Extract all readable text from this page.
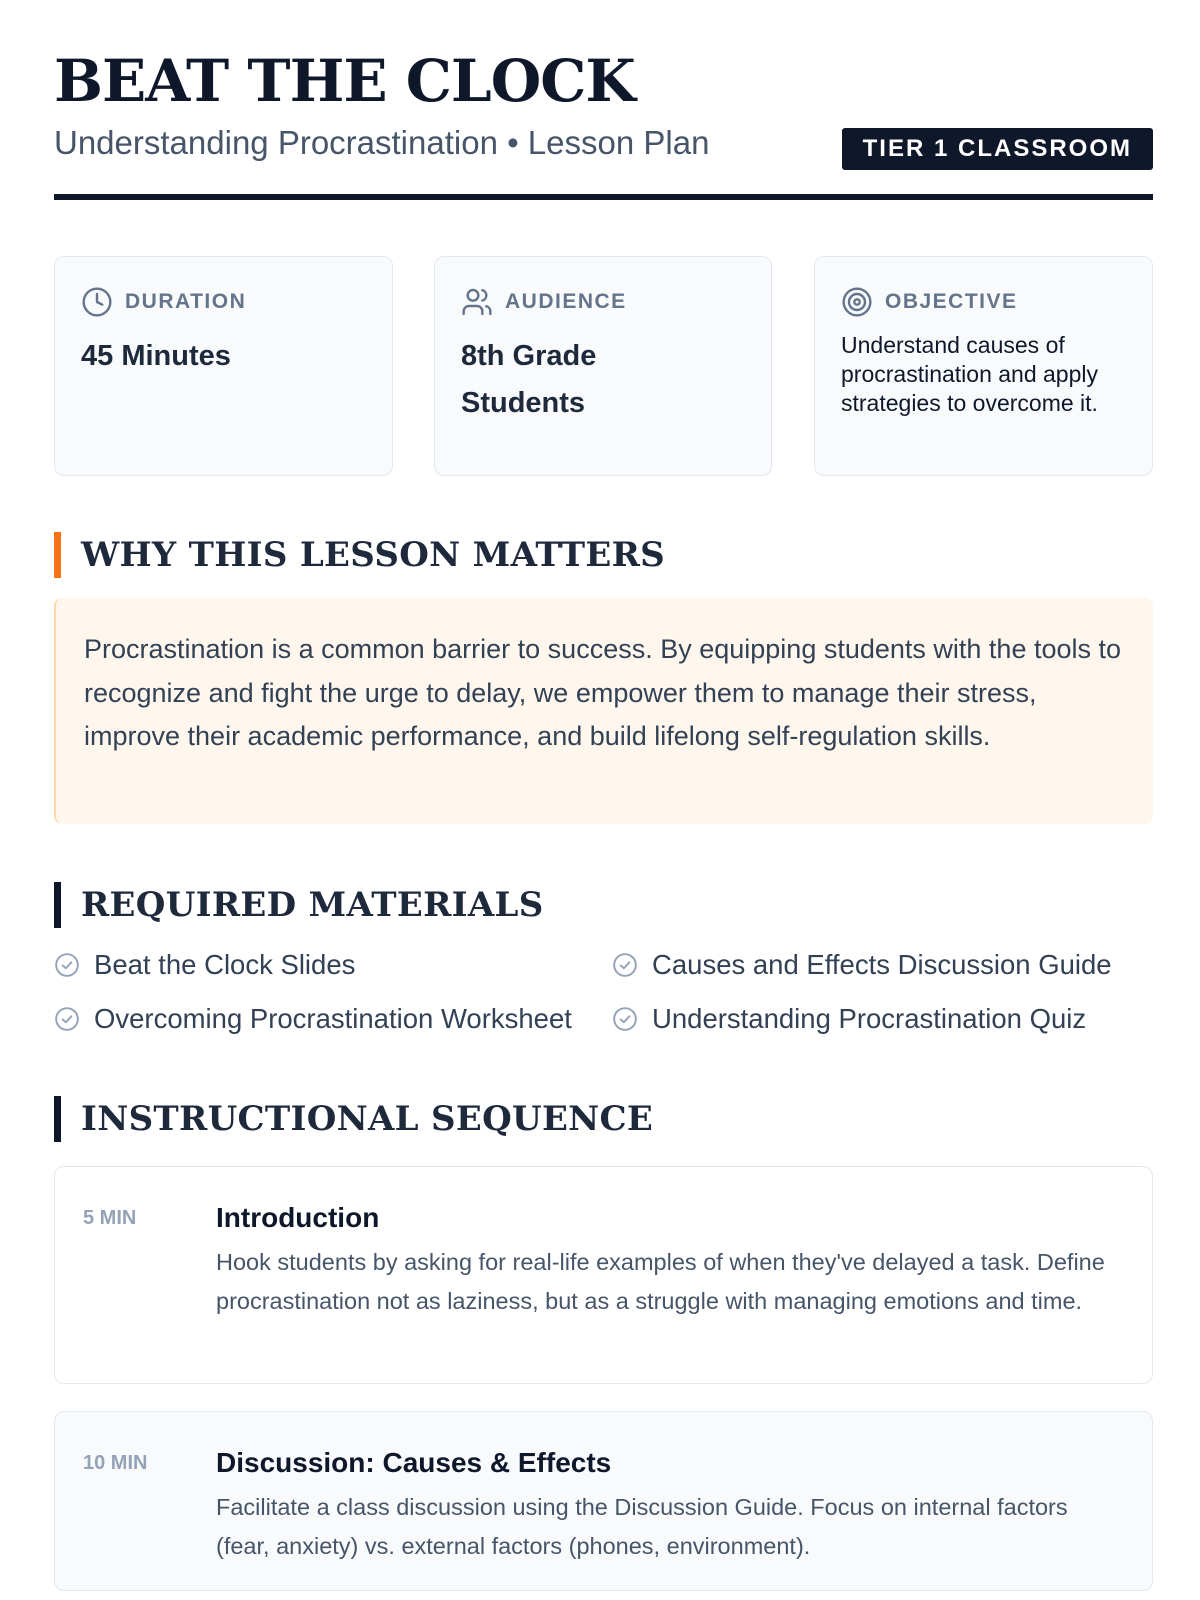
BEAT THE CLOCK
Understanding Procrastination • Lesson Plan	TIER 1 CLASSROOM
DURATION
45 Minutes
AUDIENCE
8th Grade Students
OBJECTIVE
Understand causes of procrastination and apply strategies to overcome it.
WHY THIS LESSON MATTERS
Procrastination is a common barrier to success. By equipping students with the tools to recognize and fight the urge to delay, we empower them to manage their stress, improve their academic performance, and build lifelong self-regulation skills.
REQUIRED MATERIALS
Beat the Clock Slides	Causes and Effects Discussion Guide
Overcoming Procrastination Worksheet	Understanding Procrastination Quiz
INSTRUCTIONAL SEQUENCE
5 MIN	Introduction
Hook students by asking for real-life examples of when they've delayed a task. Define procrastination not as laziness, but as a struggle with managing emotions and time.
10 MIN Discussion: Causes & Effects
Facilitate a class discussion using the Discussion Guide. Focus on internal factors (fear, anxiety) vs. external factors (phones, environment).
